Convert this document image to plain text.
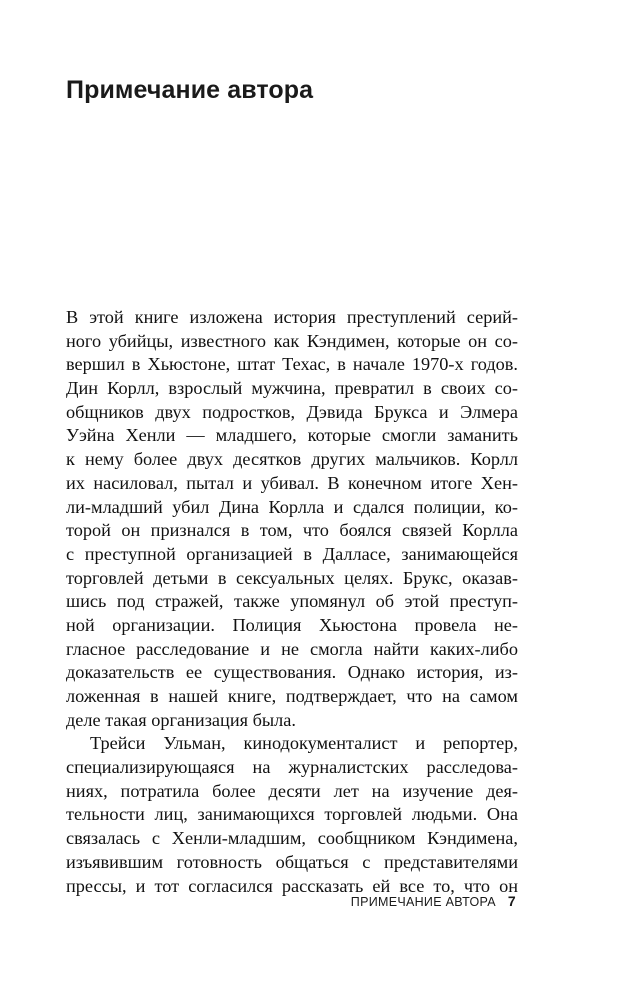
Примечание автора
В этой книге изложена история преступлений серий-
ного убийцы, известного как Кэндимен, которые он со-
вершил в Хьюстоне, штат Техас, в начале 1970-х годов.
Дин Корлл, взрослый мужчина, превратил в своих со-
общников двух подростков, Дэвида Брукса и Элмера
Уэйна Хенли — младшего, которые смогли заманить
к нему более двух десятков других мальчиков. Корлл
их насиловал, пытал и убивал. В конечном итоге Хен-
ли-младший убил Дина Корлла и сдался полиции, ко-
торой он признался в том, что боялся связей Корлла
с преступной организацией в Далласе, занимающейся
торговлей детьми в сексуальных целях. Брукс, оказав-
шись под стражей, также упомянул об этой преступ-
ной организации. Полиция Хьюстона провела не-
гласное расследование и не смогла найти каких-либо
доказательств ее существования. Однако история, из-
ложенная в нашей книге, подтверждает, что на самом
деле такая организация была.
Трейси Ульман, кинодокументалист и репортер,
специализирующаяся на журналистских расследова-
ниях, потратила более десяти лет на изучение дея-
тельности лиц, занимающихся торговлей людьми. Она
связалась с Хенли-младшим, сообщником Кэндимена,
изъявившим готовность общаться с представителями
прессы, и тот согласился рассказать ей все то, что он
ПРИМЕЧАНИЕ АВТОРА 7
